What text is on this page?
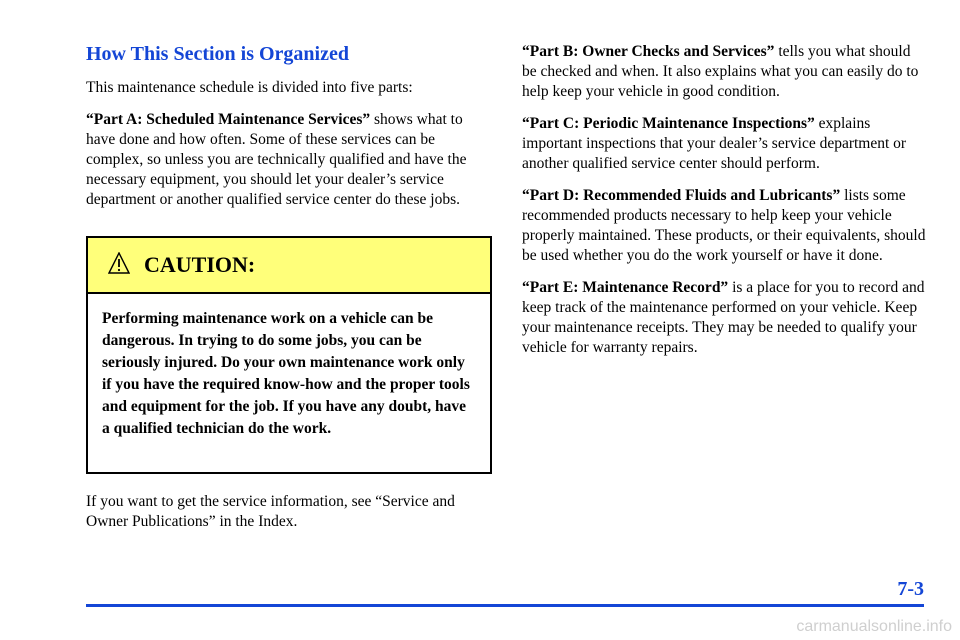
How This Section is Organized

This maintenance schedule is divided into five parts:

“Part A: Scheduled Maintenance Services” shows what to have done and how often. Some of these services can be complex, so unless you are technically qualified and have the necessary equipment, you should let your dealer’s service department or another qualified service center do these jobs.

CAUTION:
Performing maintenance work on a vehicle can be dangerous. In trying to do some jobs, you can be seriously injured. Do your own maintenance work only if you have the required know-how and the proper tools and equipment for the job. If you have any doubt, have a qualified technician do the work.

If you want to get the service information, see “Service and Owner Publications” in the Index.

“Part B: Owner Checks and Services” tells you what should be checked and when. It also explains what you can easily do to help keep your vehicle in good condition.

“Part C: Periodic Maintenance Inspections” explains important inspections that your dealer’s service department or another qualified service center should perform.

“Part D: Recommended Fluids and Lubricants” lists some recommended products necessary to help keep your vehicle properly maintained. These products, or their equivalents, should be used whether you do the work yourself or have it done.

“Part E: Maintenance Record” is a place for you to record and keep track of the maintenance performed on your vehicle. Keep your maintenance receipts. They may be needed to qualify your vehicle for warranty repairs.

7-3
carmanualsonline.info
